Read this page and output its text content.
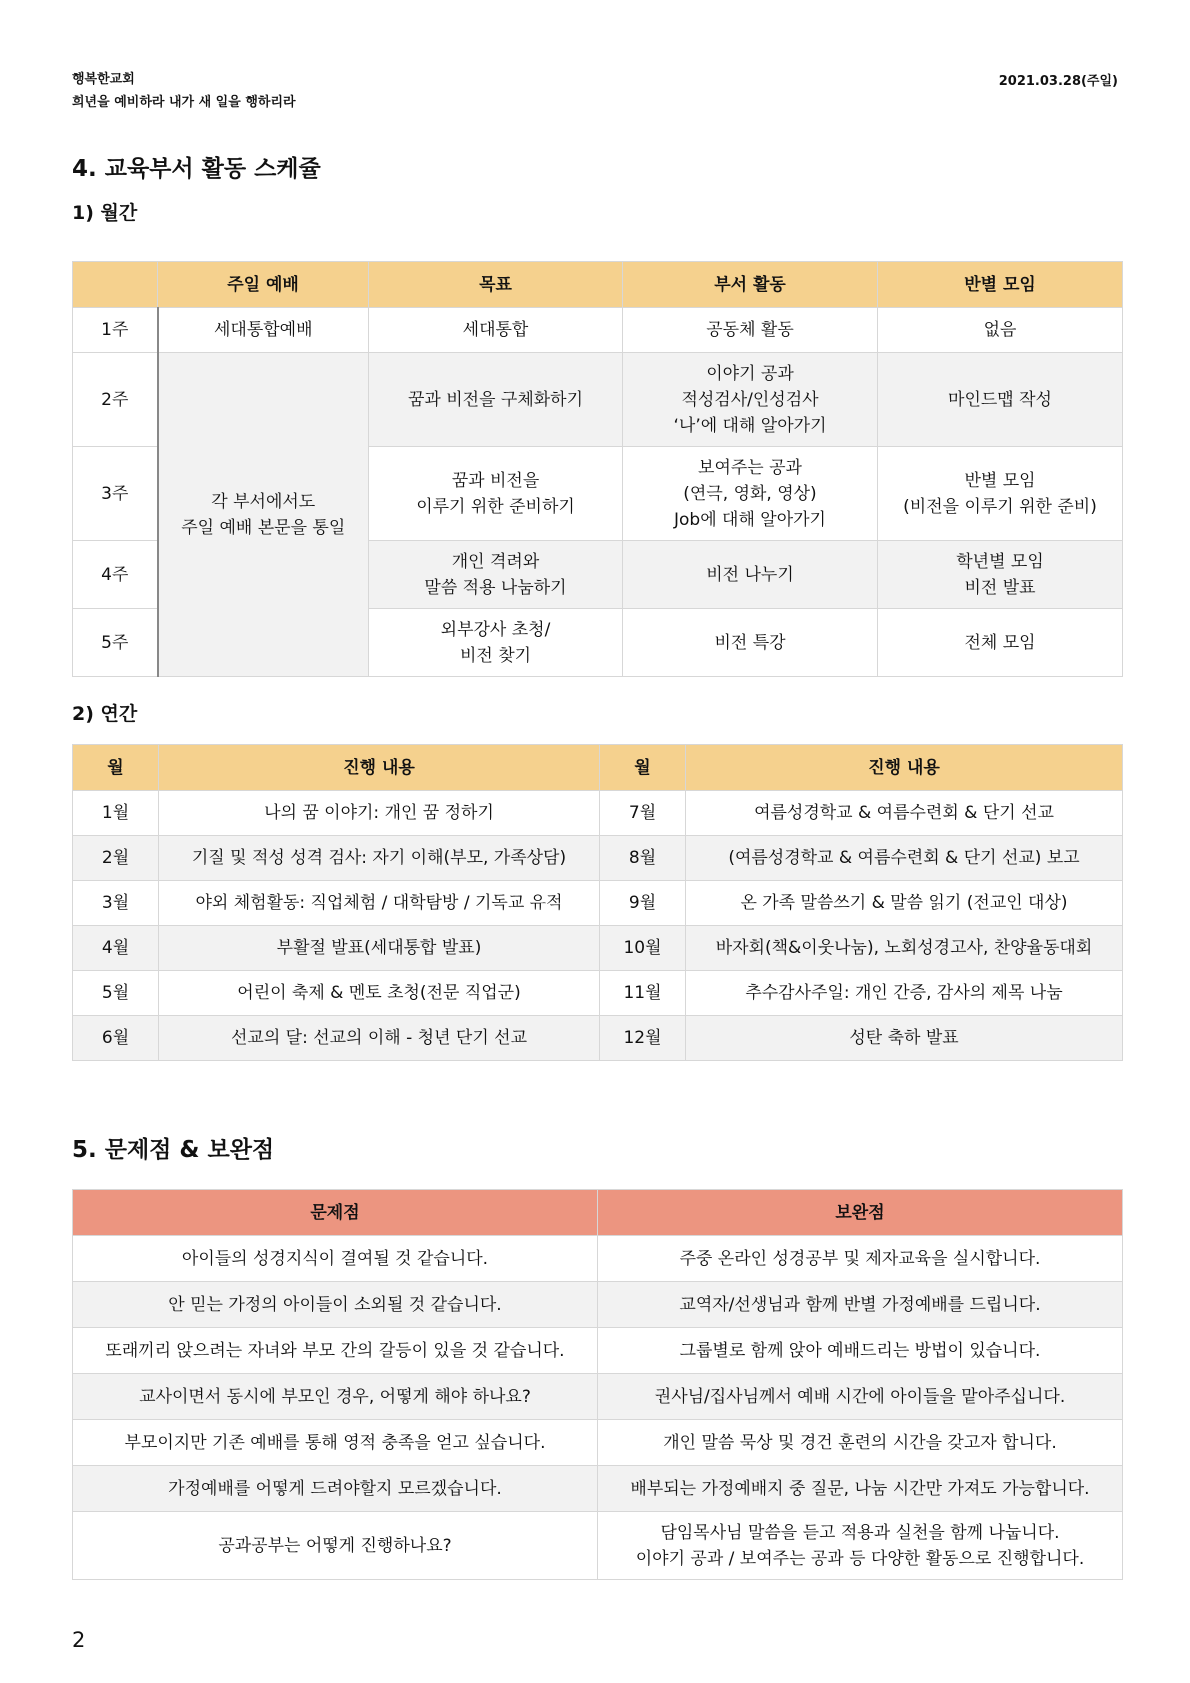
행복한교회
희년을 예비하라 내가 새 일을 행하리라
2021.03.28(주일)
4. 교육부서 활동 스케쥴
1) 월간
	주일 예배	목표	부서 활동	반별 모임
1주	세대통합예배	세대통합	공동체 활동	없음

2주	각 부서에서도
주일 예배 본문을 통일	꿈과 비전을 구체화하기	이야기 공과
적성검사/인성검사
‘나’에 대해 알아가기	마인드맵 작성

3주		꿈과 비전을
이루기 위한 준비하기	보여주는 공과
(연극, 영화, 영상)
Job에 대해 알아가기	반별 모임
(비전을 이루기 위한 준비)

4주		개인 격려와
말씀 적용 나눔하기	비전 나누기	학년별 모임
비전 발표

5주		외부강사 초청/
비전 찾기	비전 특강	전체 모임
2) 연간
월	진행 내용	월	진행 내용
1월	나의 꿈 이야기: 개인 꿈 정하기	7월	여름성경학교 & 여름수련회 & 단기 선교
2월	기질 및 적성 성격 검사: 자기 이해(부모, 가족상담)	8월	(여름성경학교 & 여름수련회 & 단기 선교) 보고
3월	야외 체험활동: 직업체험 / 대학탐방 / 기독교 유적	9월	온 가족 말씀쓰기 & 말씀 읽기 (전교인 대상)
4월	부활절 발표(세대통합 발표)	10월	바자회(책&이웃나눔), 노회성경고사, 찬양율동대회
5월	어린이 축제 & 멘토 초청(전문 직업군)	11월	추수감사주일: 개인 간증, 감사의 제목 나눔
6월	선교의 달: 선교의 이해 - 청년 단기 선교	12월	성탄 축하 발표
5. 문제점 & 보완점
문제점	보완점

아이들의 성경지식이 결여될 것 같습니다.	주중 온라인 성경공부 및 제자교육을 실시합니다.

안 믿는 가정의 아이들이 소외될 것 같습니다.	교역자/선생님과 함께 반별 가정예배를 드립니다.

또래끼리 앉으려는 자녀와 부모 간의 갈등이 있을 것 같습니다.	그룹별로 함께 앉아 예배드리는 방법이 있습니다.

교사이면서 동시에 부모인 경우, 어떻게 해야 하나요?	권사님/집사님께서 예배 시간에 아이들을 맡아주십니다.

부모이지만 기존 예배를 통해 영적 충족을 얻고 싶습니다.	개인 말씀 묵상 및 경건 훈련의 시간을 갖고자 합니다.

가정예배를 어떻게 드려야할지 모르겠습니다.	배부되는 가정예배지 중 질문, 나눔 시간만 가져도 가능합니다.

공과공부는 어떻게 진행하나요?	담임목사님 말씀을 듣고 적용과 실천을 함께 나눕니다.
이야기 공과 / 보여주는 공과 등 다양한 활동으로 진행합니다.
2
